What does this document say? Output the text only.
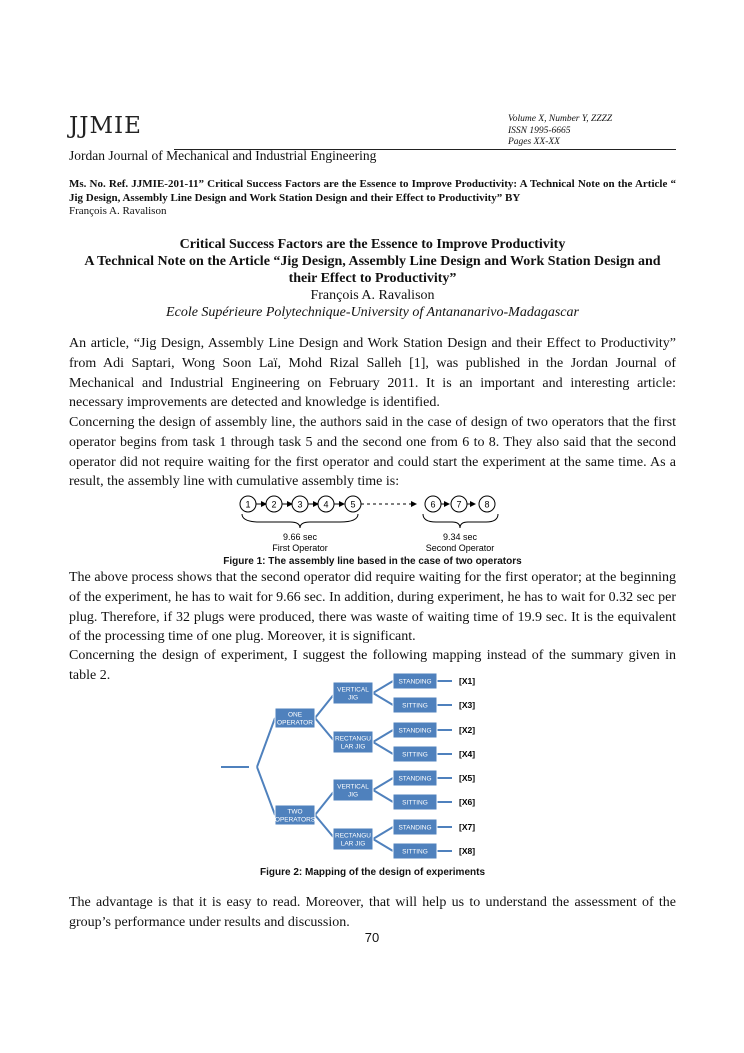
JJMIE	Volume X, Number Y, ZZZZ
ISSN 1995-6665
Pages XX-XX
Jordan Journal of Mechanical and Industrial Engineering
Ms. No. Ref. JJMIE-201-11” Critical Success Factors are the Essence to Improve Productivity: A Technical Note on the Article “ Jig Design, Assembly Line Design and Work Station Design and their Effect to Productivity” BY
François A. Ravalison
Critical Success Factors are the Essence to Improve Productivity
A Technical Note on the Article “Jig Design, Assembly Line Design and Work Station Design and their Effect to Productivity”
François A. Ravalison
Ecole Supérieure Polytechnique-University of Antananarivo-Madagascar
An article, “Jig Design, Assembly Line Design and Work Station Design and their Effect to Productivity” from Adi Saptari, Wong Soon Laï, Mohd Rizal Salleh [1], was published in the Jordan Journal of Mechanical and Industrial Engineering on February 2011. It is an important and interesting article: necessary improvements are detected and knowledge is identified.
Concerning the design of assembly line, the authors said in the case of design of two operators that the first operator begins from task 1 through task 5 and the second one from 6 to 8. They also said that the second operator did not require waiting for the first operator and could start the experiment at the same time. As a result, the assembly line with cumulative assembly time is:
1 2 3 4 5	6 7	8
9.66 sec
First Operator
9.34 sec
Second Operator
Figure 1: The assembly line based in the case of two operators
The above process shows that the second operator did require waiting for the first operator; at the beginning of the experiment, he has to wait for 9.66 sec. In addition, during experiment, he has to wait for 0.32 sec per plug. Therefore, if 32 plugs were produced, there was waste of waiting time of 19.9 sec. It is the equivalent of the processing time of one plug. Moreover, it is significant.
Concerning the design of experiment, I suggest the following mapping instead of the summary given in table 2.
ONE
OPERATOR
TWO
OPERATORS
VERTICAL
JIG
RECTANGU
LAR JIG
VERTICAL
JIG
RECTANGU
LAR JIG
STANDING
SITTING
STANDING
SITTING
STANDING
SITTING
STANDING
SITTING
[X1]
[X3]
[X2]
[X4]
[X5]
[X6]
[X7]
[X8]
Figure 2: Mapping of the design of experiments
The advantage is that it is easy to read. Moreover, that will help us to understand the assessment of the group’s performance under results and discussion.
70
